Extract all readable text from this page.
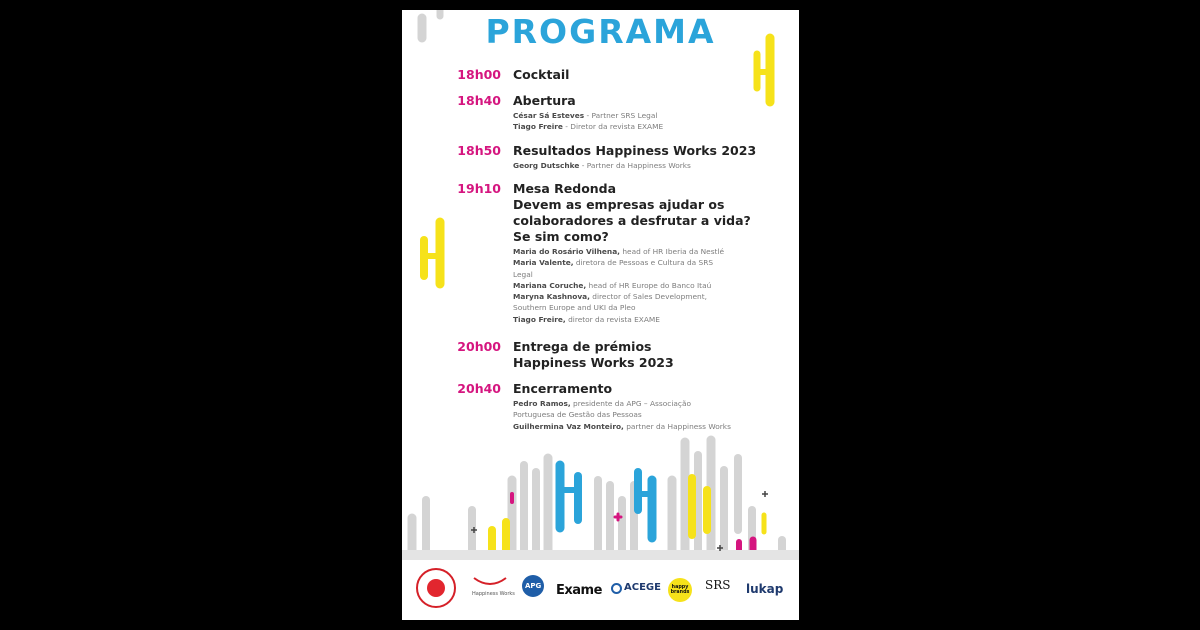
PROGRAMA
18h00 Cocktail
18h40 Abertura
César Sá Esteves - Partner SRS Legal
Tiago Freire - Diretor da revista EXAME
18h50 Resultados Happiness Works 2023
Georg Dutschke - Partner da Happiness Works
19h10 Mesa Redonda
Devem as empresas ajudar os
colaboradores a desfrutar a vida?
Se sim como?
Maria do Rosário Vilhena, head of HR Iberia da Nestlé
Maria Valente, diretora de Pessoas e Cultura da SRS
Legal
Mariana Coruche, head of HR Europe do Banco Itaú
Maryna Kashnova, director of Sales Development,
Southern Europe and UKI da Pleo
Tiago Freire, diretor da revista EXAME
20h00 Entrega de prémios
Happiness Works 2023
20h40 Encerramento
Pedro Ramos, presidente da APG – Associação
Portuguesa de Gestão das Pessoas
Guilhermina Vaz Monteiro, partner da Happiness Works
Happiness Works
APG Exame ACEGE	happy brands
SRS lukap
